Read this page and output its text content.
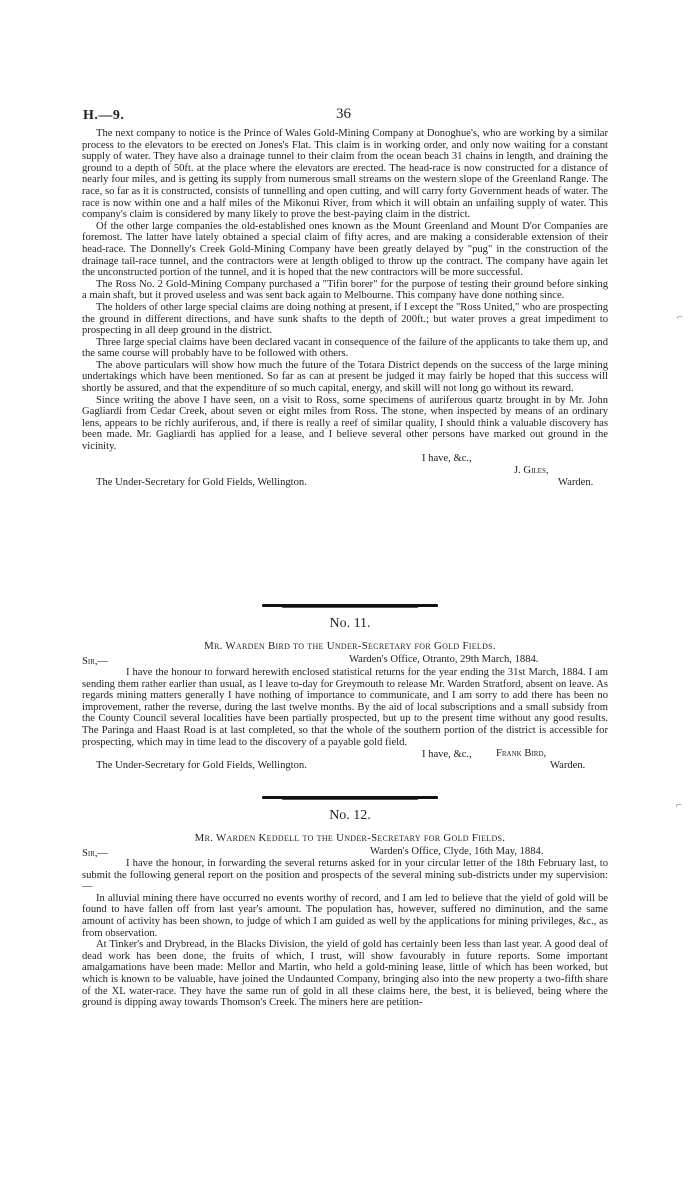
H.—9.	36

The next company to notice is the Prince of Wales Gold-Mining Company at Donoghue's, who are working by a similar process to the elevators to be erected on Jones's Flat. This claim is in working order, and only now waiting for a constant supply of water. They have also a drainage tunnel to their claim from the ocean beach 31 chains in length, and draining the ground to a depth of 50ft. at the place where the elevators are erected. The head-race is now constructed for a distance of nearly four miles, and is getting its supply from numerous small streams on the western slope of the Greenland Range. The race, so far as it is constructed, consists of tunnelling and open cutting, and will carry forty Government heads of water. The race is now within one and a half miles of the Mikonui River, from which it will obtain an unfailing supply of water. This company's claim is considered by many likely to prove the best-paying claim in the district.

Of the other large companies the old-established ones known as the Mount Greenland and Mount D'or Companies are foremost. The latter have lately obtained a special claim of fifty acres, and are making a considerable extension of their head-race. The Donnelly's Creek Gold-Mining Company have been greatly delayed by "pug" in the construction of the drainage tail-race tunnel, and the contractors were at length obliged to throw up the contract. The company have again let the unconstructed portion of the tunnel, and it is hoped that the new contractors will be more successful.

The Ross No. 2 Gold-Mining Company purchased a "Tifin borer" for the purpose of testing their ground before sinking a main shaft, but it proved useless and was sent back again to Melbourne. This company have done nothing since.

The holders of other large special claims are doing nothing at present, if I except the "Ross United," who are prospecting the ground in different directions, and have sunk shafts to the depth of 200ft.; but water proves a great impediment to prospecting in all deep ground in the district.

Three large special claims have been declared vacant in consequence of the failure of the applicants to take them up, and the same course will probably have to be followed with others.

The above particulars will show how much the future of the Totara District depends on the success of the large mining undertakings which have been mentioned. So far as can at present be judged it may fairly be hoped that this success will shortly be assured, and that the expenditure of so much capital, energy, and skill will not long go without its reward.

Since writing the above I have seen, on a visit to Ross, some specimens of auriferous quartz brought in by Mr. John Gagliardi from Cedar Creek, about seven or eight miles from Ross. The stone, when inspected by means of an ordinary lens, appears to be richly auriferous, and, if there is really a reef of similar quality, I should think a valuable discovery has been made. Mr. Gagliardi has applied for a lease, and I believe several other persons have marked out ground in the vicinity.

I have, &c.,
J. Giles,
The Under-Secretary for Gold Fields, Wellington.	Warden.
No. 11.
Mr. Warden Bird to the Under-Secretary for Gold Fields.
Sir,—	Warden's Office, Otranto, 29th March, 1884.

I have the honour to forward herewith enclosed statistical returns for the year ending the 31st March, 1884. I am sending them rather earlier than usual, as I leave to-day for Greymouth to release Mr. Warden Stratford, absent on leave. As regards mining matters generally I have nothing of importance to communicate, and I am sorry to add there has been no improvement, rather the reverse, during the last twelve months. By the aid of local subscriptions and a small subsidy from the County Council several localities have been partially prospected, but up to the present time without any good results. The Paringa and Haast Road is at last completed, so that the whole of the southern portion of the district is accessible for prospecting, which may in time lead to the discovery of a payable gold field.

Frank Bird,
The Under-Secretary for Gold Fields, Wellington.	Warden.
I have, &c.,
No. 12.
Mr. Warden Keddell to the Under-Secretary for Gold Fields.
Sir,—	Warden's Office, Clyde, 16th May, 1884.

I have the honour, in forwarding the several returns asked for in your circular letter of the 18th February last, to submit the following general report on the position and prospects of the several mining sub-districts under my supervision:—

In alluvial mining there have occurred no events worthy of record, and I am led to believe that the yield of gold will be found to have fallen off from last year's amount. The population has, however, suffered no diminution, and the same amount of activity has been shown, to judge of which I am guided as well by the applications for mining privileges, &c., as from observation.

At Tinker's and Drybread, in the Blacks Division, the yield of gold has certainly been less than last year. A good deal of dead work has been done, the fruits of which, I trust, will show favourably in future reports. Some important amalgamations have been made: Mellor and Martin, who held a gold-mining lease, little of which has been worked, but which is known to be valuable, have joined the Undaunted Company, bringing also into the new property a two-fifth share of the XL water-race. They have the same run of gold in all these claims here, the best, it is believed, being where the ground is dipping away towards Thomson's Creek. The miners here are petition-

⌐
⌐
